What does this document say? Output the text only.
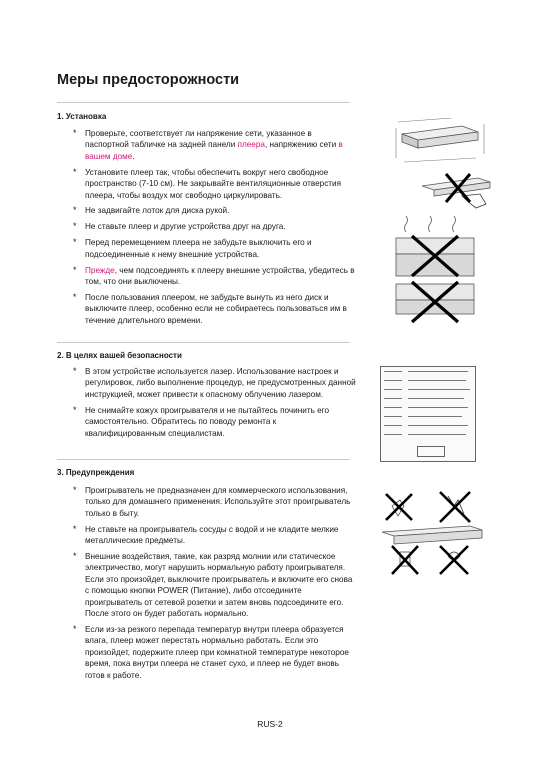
Меры предосторожности
1. Установка
* Проверьте, соответствует ли напряжение сети, указанное в паспортной табличке на задней панели плеера, напряжению сети в вашем доме.
* Установите плеер так, чтобы обеспечить вокруг него свободное пространство (7-10 см). Не закрывайте вентиляционные отверстия плеера, чтобы воздух мог свободно циркулировать.
* Не задвигайте лоток для диска рукой.
* Не ставьте плеер и другие устройства друг на друга.
* Перед перемещением плеера не забудьте выключить его и подсоединенные к нему внешние устройства.
* Прежде, чем подсоединять к плееру внешние устройства, убедитесь в том, что они выключены.
* После пользования плеером, не забудьте вынуть из него диск и выключите плеер, особенно если не собираетесь пользоваться им в течение длительного времени.
2. В целях вашей безопасности
* В этом устройстве используется лазер. Использование настроек и регулировок, либо выполнение процедур, не предусмотренных данной инструкцией, может привести к опасному облучению лазером.
* Не снимайте кожух проигрывателя и не пытайтесь починить его самостоятельно. Обратитесь по поводу ремонта к квалифицированным специалистам.
3. Предупреждения
* Проигрыватель не предназначен для коммерческого использования, только для домашнего применения. Используйте этот проигрыватель только в быту.
* Не ставьте на проигрыватель сосуды с водой и не кладите мелкие металлические предметы.
* Внешние воздействия, такие, как разряд молнии или статическое электричество, могут нарушить нормальную работу проигрывателя. Если это произойдет, выключите проигрыватель и включите его снова с помощью кнопки POWER (Питание), либо отсоедините проигрыватель от сетевой розетки и затем вновь подсоедините его. После этого он будет работать нормально.
* Если из-за резкого перепада температур внутри плеера образуется влага, плеер может перестать нормально работать. Если это произойдет, подержите плеер при комнатной температуре некоторое время, пока внутри плеера не станет сухо, и плеер не будет вновь готов к работе.
RUS-2
